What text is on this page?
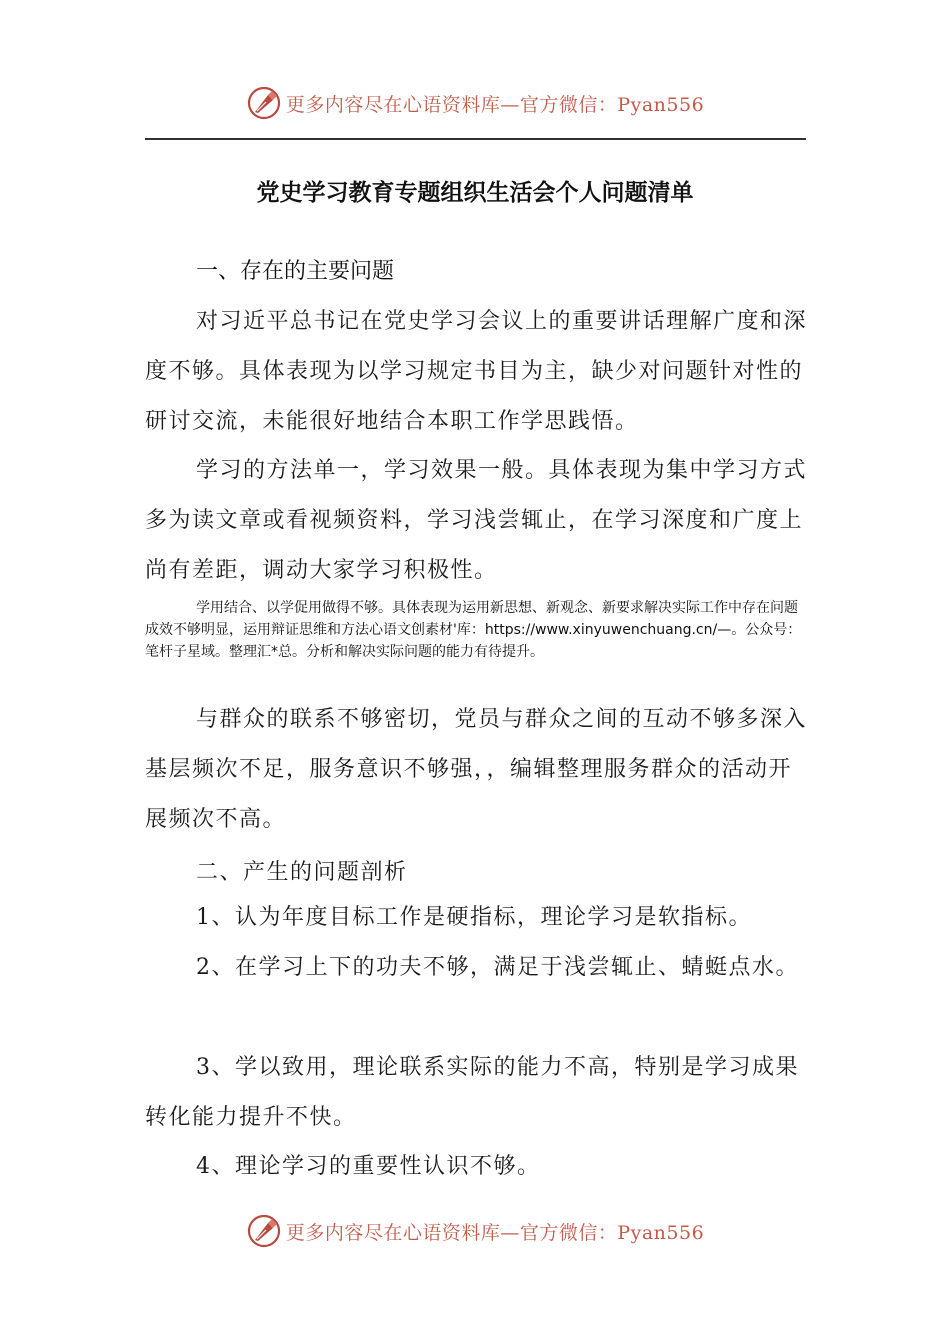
更多内容尽在心语资料库—官方微信：Pyan556
党史学习教育专题组织生活会个人问题清单
一、存在的主要问题

对习近平总书记在党史学习会议上的重要讲话理解广度和深度不够。具体表现为以学习规定书目为主，缺少对问题针对性的研讨交流，未能很好地结合本职工作学思践悟。

学习的方法单一，学习效果一般。具体表现为集中学习方式多为读文章或看视频资料，学习浅尝辄止，在学习深度和广度上尚有差距，调动大家学习积极性。

学用结合、以学促用做得不够。具体表现为运用新思想、新观念、新要求解决实际工作中存在问题成效不够明显，运用辩证思维和方法心语文创素材'库：https://www.xinyuwenchuang.cn/—。公众号：笔杆子星域。整理汇*总。分析和解决实际问题的能力有待提升。

与群众的联系不够密切，党员与群众之间的互动不够多深入基层频次不足，服务意识不够强，，编辑整理服务群众的活动开展频次不高。

二、产生的问题剖析

1、认为年度目标工作是硬指标，理论学习是软指标。

2、在学习上下的功夫不够，满足于浅尝辄止、蜻蜓点水。

3、学以致用，理论联系实际的能力不高，特别是学习成果转化能力提升不快。

4、理论学习的重要性认识不够。

更多内容尽在心语资料库—官方微信：Pyan556
